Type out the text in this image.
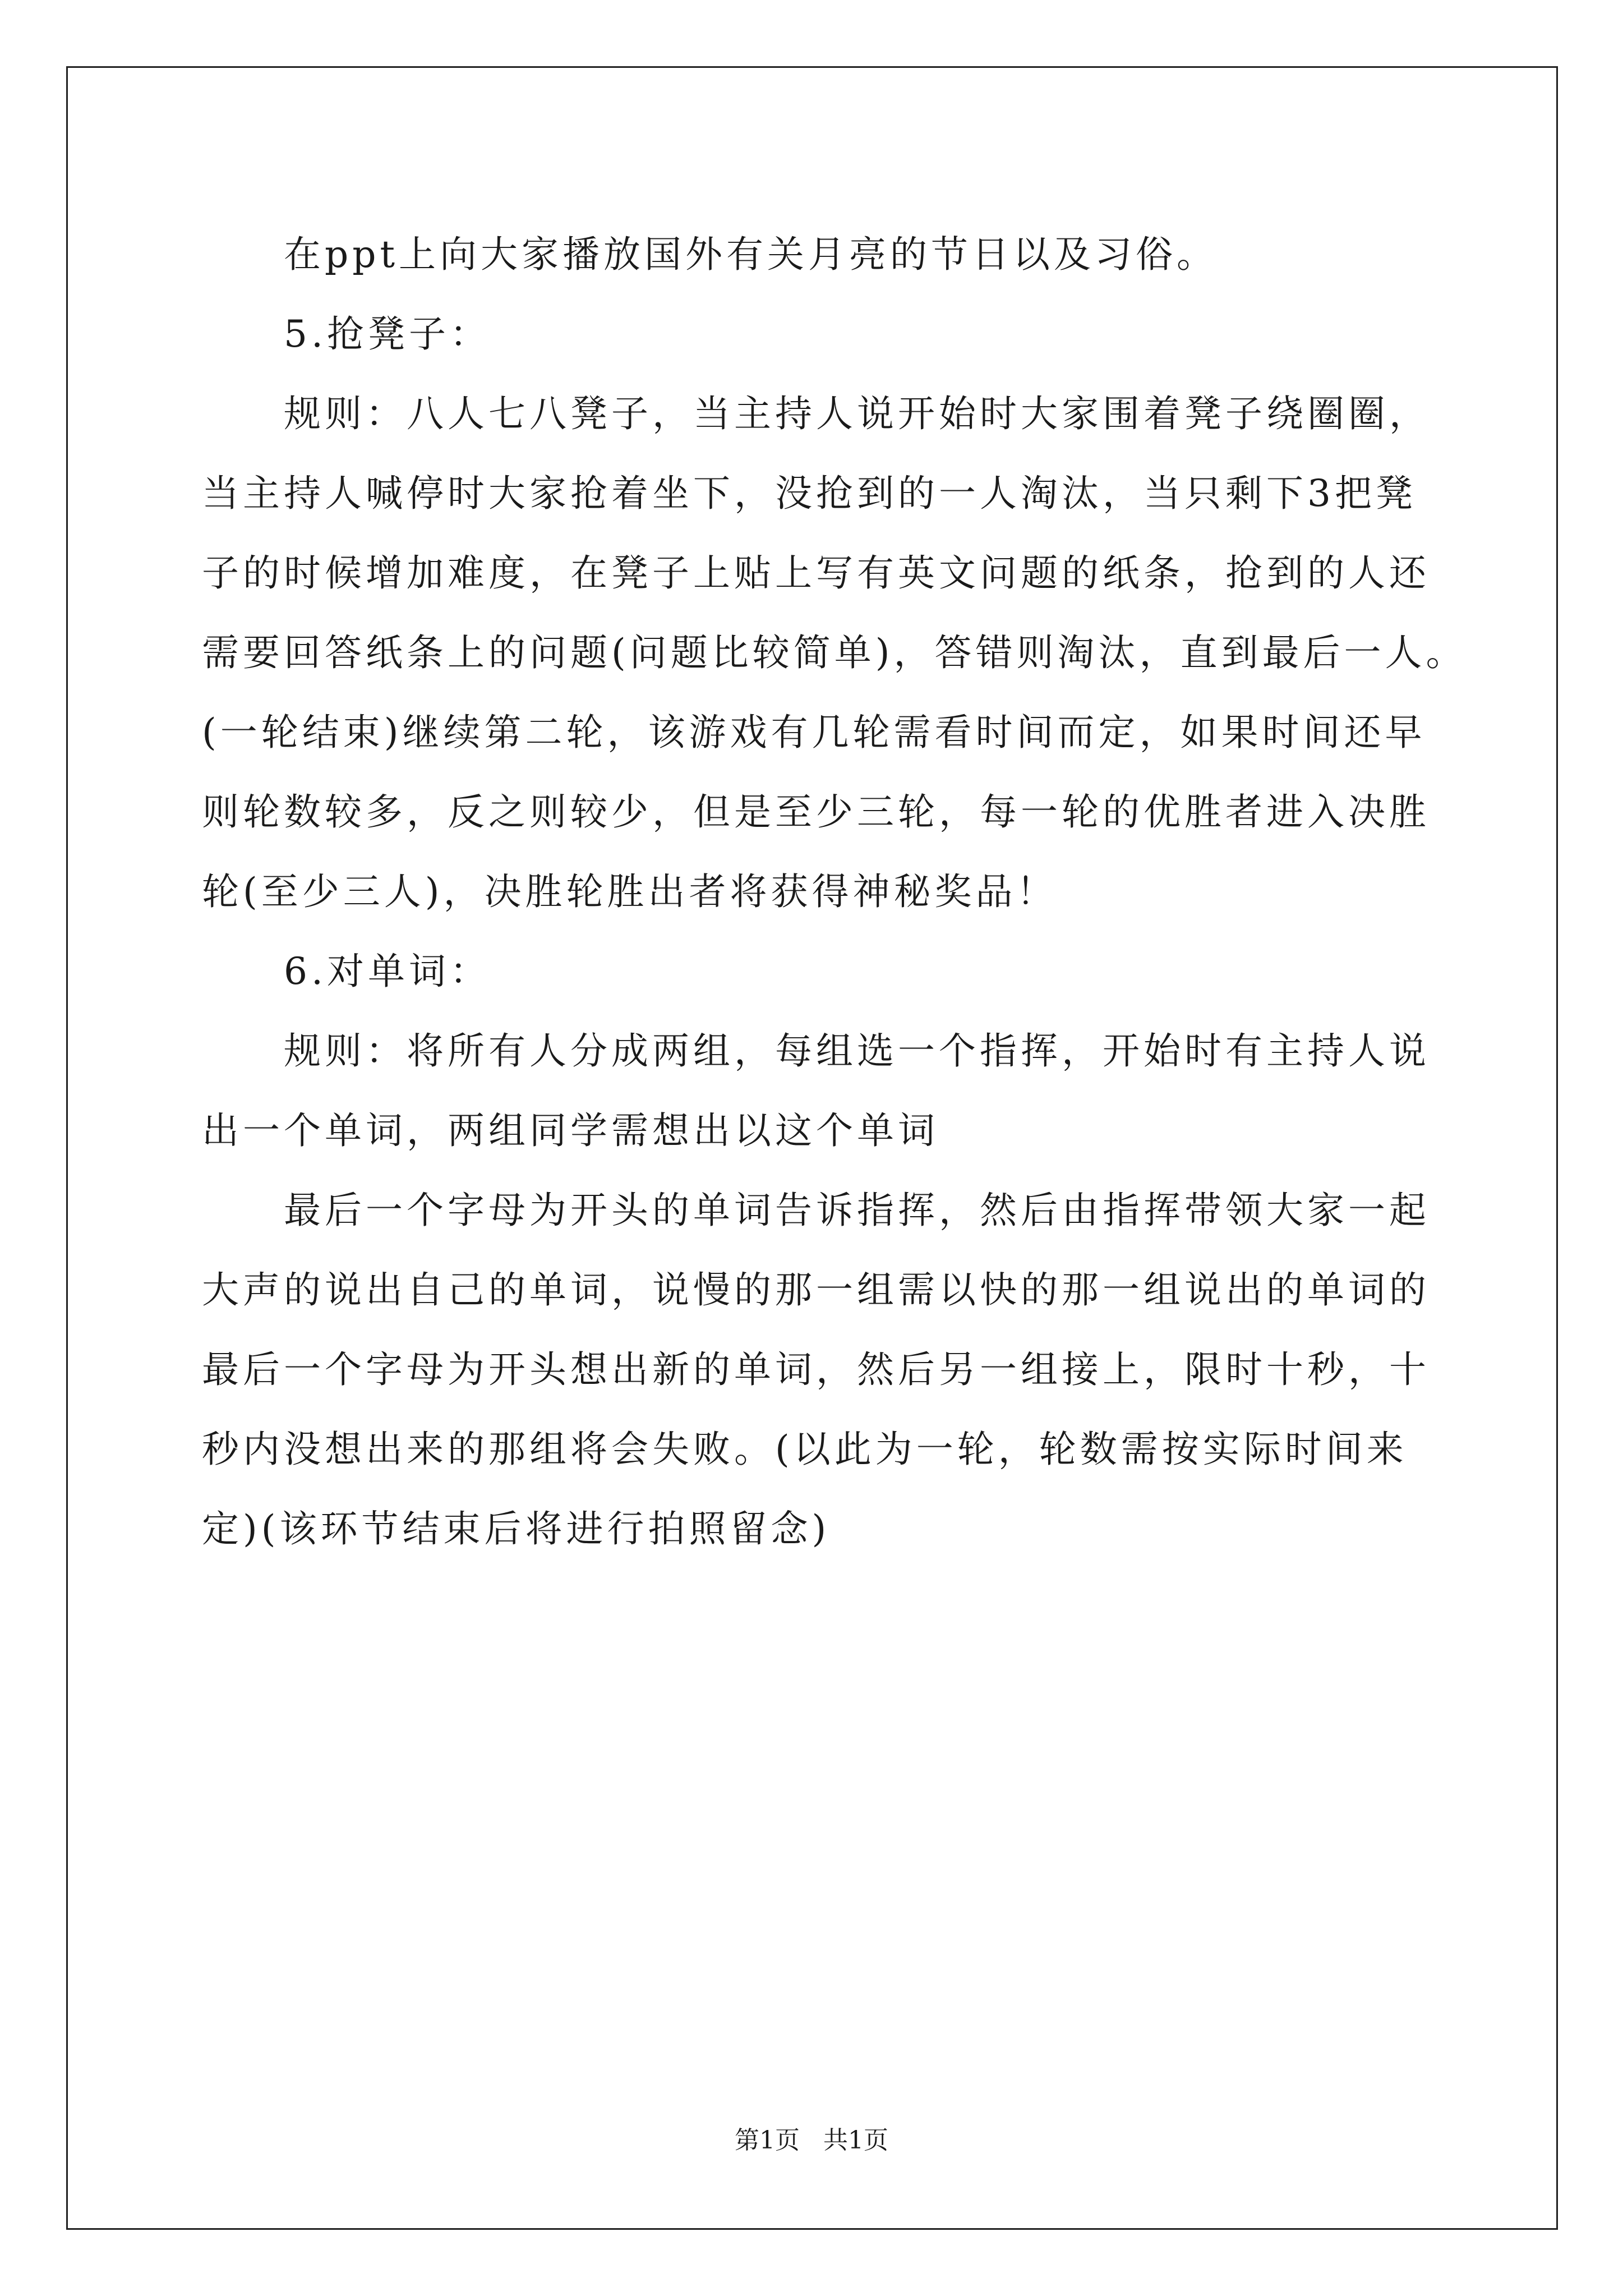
在ppt上向大家播放国外有关月亮的节日以及习俗。
5.抢凳子：
规则：八人七八凳子，当主持人说开始时大家围着凳子绕圈圈，
当主持人喊停时大家抢着坐下，没抢到的一人淘汰，当只剩下3把凳
子的时候增加难度，在凳子上贴上写有英文问题的纸条，抢到的人还
需要回答纸条上的问题(问题比较简单)，答错则淘汰，直到最后一人。
(一轮结束)继续第二轮，该游戏有几轮需看时间而定，如果时间还早
则轮数较多，反之则较少，但是至少三轮，每一轮的优胜者进入决胜
轮(至少三人)，决胜轮胜出者将获得神秘奖品！
6.对单词：
规则：将所有人分成两组，每组选一个指挥，开始时有主持人说
出一个单词，两组同学需想出以这个单词
最后一个字母为开头的单词告诉指挥，然后由指挥带领大家一起
大声的说出自己的单词，说慢的那一组需以快的那一组说出的单词的
最后一个字母为开头想出新的单词，然后另一组接上，限时十秒，十
秒内没想出来的那组将会失败。(以此为一轮，轮数需按实际时间来
定)(该环节结束后将进行拍照留念)
第1页   共1页
